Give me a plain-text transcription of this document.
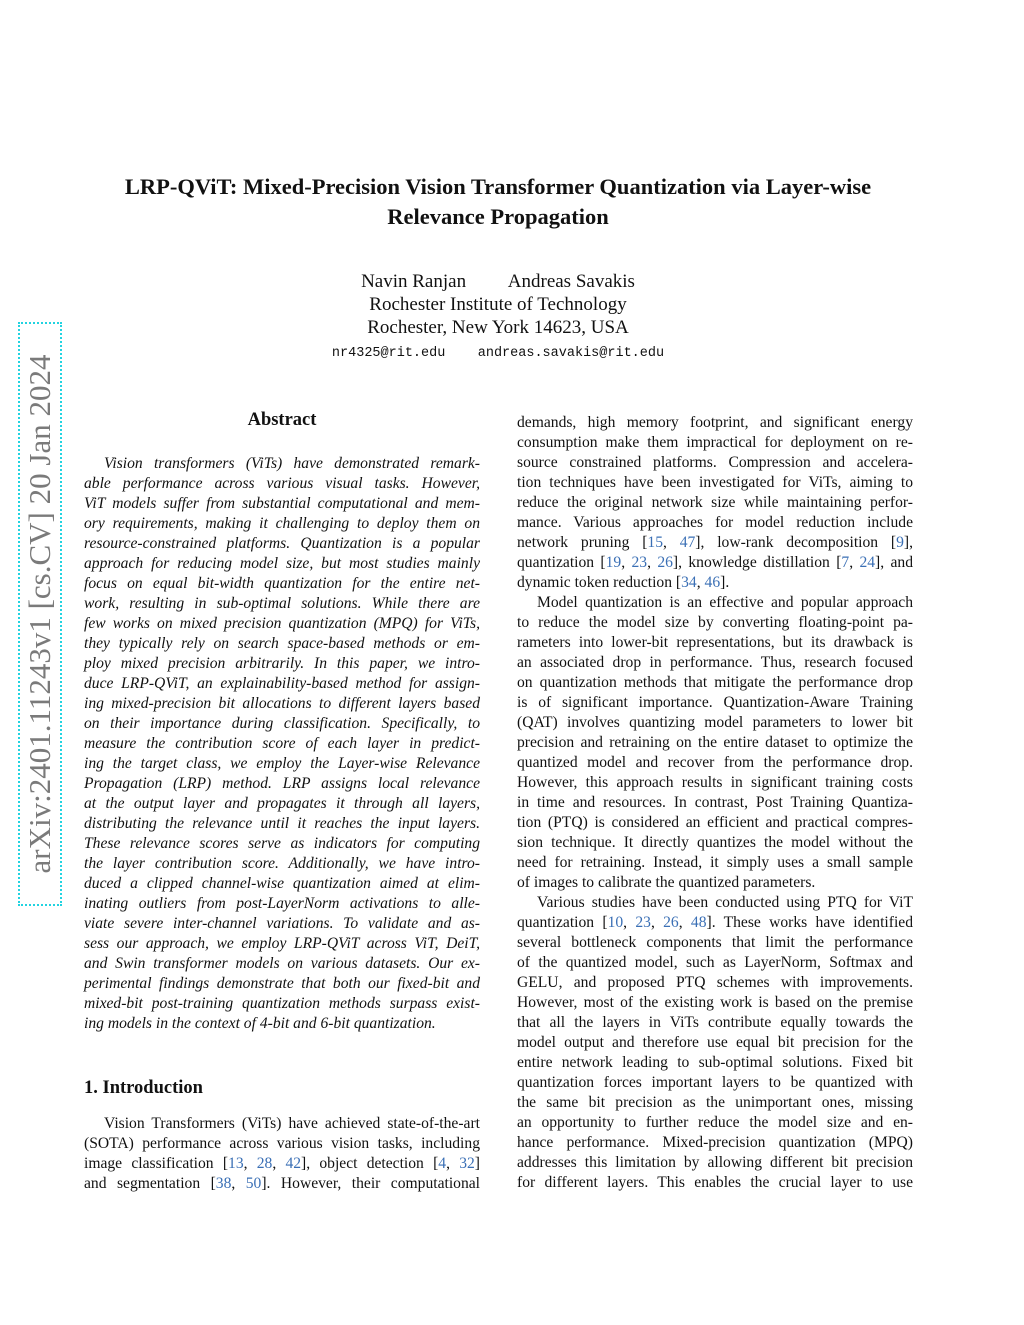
arXiv:2401.11243v1 [cs.CV] 20 Jan 2024
LRP-QViT: Mixed-Precision Vision Transformer Quantization via Layer-wise
Relevance Propagation
Navin Ranjan         Andreas Savakis
Rochester Institute of Technology
Rochester, New York 14623, USA
nr4325@rit.edu    andreas.savakis@rit.edu
Abstract
Vision transformers (ViTs) have demonstrated remark-
able performance across various visual tasks. However,
ViT models suffer from substantial computational and mem-
ory requirements, making it challenging to deploy them on
resource-constrained platforms. Quantization is a popular
approach for reducing model size, but most studies mainly
focus on equal bit-width quantization for the entire net-
work, resulting in sub-optimal solutions. While there are
few works on mixed precision quantization (MPQ) for ViTs,
they typically rely on search space-based methods or em-
ploy mixed precision arbitrarily. In this paper, we intro-
duce LRP-QViT, an explainability-based method for assign-
ing mixed-precision bit allocations to different layers based
on their importance during classification. Specifically, to
measure the contribution score of each layer in predict-
ing the target class, we employ the Layer-wise Relevance
Propagation (LRP) method. LRP assigns local relevance
at the output layer and propagates it through all layers,
distributing the relevance until it reaches the input layers.
These relevance scores serve as indicators for computing
the layer contribution score. Additionally, we have intro-
duced a clipped channel-wise quantization aimed at elim-
inating outliers from post-LayerNorm activations to alle-
viate severe inter-channel variations. To validate and as-
sess our approach, we employ LRP-QViT across ViT, DeiT,
and Swin transformer models on various datasets. Our ex-
perimental findings demonstrate that both our fixed-bit and
mixed-bit post-training quantization methods surpass exist-
ing models in the context of 4-bit and 6-bit quantization.
1. Introduction
Vision Transformers (ViTs) have achieved state-of-the-art
(SOTA) performance across various vision tasks, including
image classification [13, 28, 42], object detection [4, 32]
and segmentation [38, 50]. However, their computational
demands, high memory footprint, and significant energy
consumption make them impractical for deployment on re-
source constrained platforms. Compression and accelera-
tion techniques have been investigated for ViTs, aiming to
reduce the original network size while maintaining perfor-
mance. Various approaches for model reduction include
network pruning [15, 47], low-rank decomposition [9],
quantization [19, 23, 26], knowledge distillation [7, 24], and
dynamic token reduction [34, 46].
Model quantization is an effective and popular approach
to reduce the model size by converting floating-point pa-
rameters into lower-bit representations, but its drawback is
an associated drop in performance. Thus, research focused
on quantization methods that mitigate the performance drop
is of significant importance. Quantization-Aware Training
(QAT) involves quantizing model parameters to lower bit
precision and retraining on the entire dataset to optimize the
quantized model and recover from the performance drop.
However, this approach results in significant training costs
in time and resources. In contrast, Post Training Quantiza-
tion (PTQ) is considered an efficient and practical compres-
sion technique. It directly quantizes the model without the
need for retraining. Instead, it simply uses a small sample
of images to calibrate the quantized parameters.
Various studies have been conducted using PTQ for ViT
quantization [10, 23, 26, 48]. These works have identified
several bottleneck components that limit the performance
of the quantized model, such as LayerNorm, Softmax and
GELU, and proposed PTQ schemes with improvements.
However, most of the existing work is based on the premise
that all the layers in ViTs contribute equally towards the
model output and therefore use equal bit precision for the
entire network leading to sub-optimal solutions. Fixed bit
quantization forces important layers to be quantized with
the same bit precision as the unimportant ones, missing
an opportunity to further reduce the model size and en-
hance performance. Mixed-precision quantization (MPQ)
addresses this limitation by allowing different bit precision
for different layers. This enables the crucial layer to use
